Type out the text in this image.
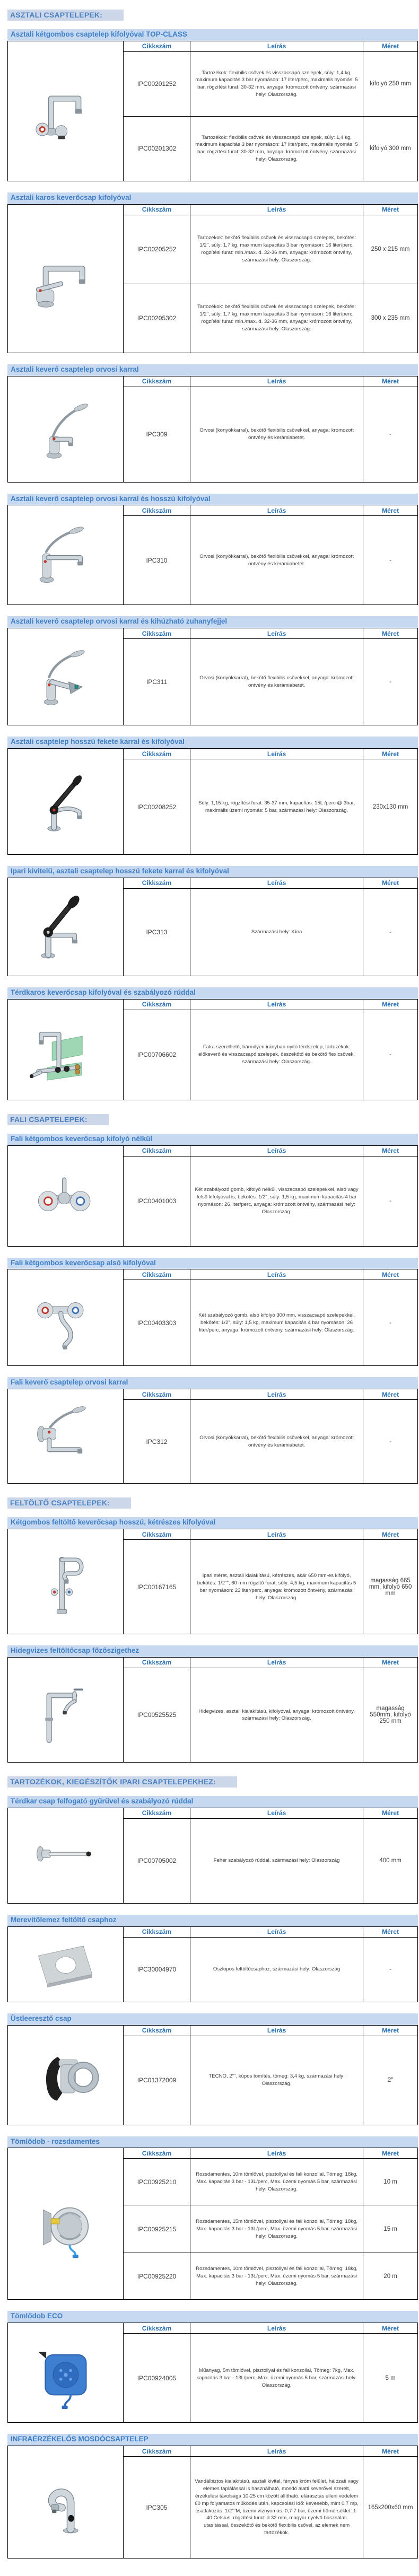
ASZTALI CSAPTELEPEK:
Asztali kétgombos csaptelep kifolyóval TOP-CLASS
	Cikkszám	Leírás	Méret
	IPC00201252	Tartozékok: flexibilis csövek és visszacsapó szelepek, súly: 1,4 kg, maximum kapacitás 3 bar nyomáson: 17 liter/perc, maximális nyomás: 5 bar, rögzítési furat: 30-32 mm, anyaga: krómozott öntvény, származási hely: Olaszország.	kifolyó 250 mm
	IPC00201302	Tartozékok: flexibilis csövek és visszacsapó szelepek, súly: 1,4 kg, maximum kapacitás 3 bar nyomáson: 17 liter/perc, maximális nyomás: 5 bar, rögzítési furat: 30-32 mm, anyaga: krómozott öntvény, származási hely: Olaszország.	kifolyó 300 mm
Asztali karos keverőcsap kifolyóval
	Cikkszám	Leírás	Méret
	IPC00205252	Tartozékok: bekötő flexibilis csövek és visszacsapó szelepek, bekötés: 1/2", súly: 1,7 kg, maximum kapacitás 3 bar nyomáson: 16 liter/perc, rögzítési furat: min./max. d. 32-36 mm, anyaga: krómozott öntvény, származási hely: Olaszország.	250 x 215 mm
	IPC00205302	Tartozékok: bekötő flexibilis csövek és visszacsapó szelepek, bekötés: 1/2", súly: 1,7 kg, maximum kapacitás 3 bar nyomáson: 16 liter/perc, rögzítési furat: min./max. d. 32-36 mm, anyaga: krómozott öntvény, származási hely: Olaszország.	300 x 235 mm
Asztali keverő csaptelep orvosi karral
	Cikkszám	Leírás	Méret
	IPC309	Orvosi (könyökkarral), bekötő flexibilis csövekkel, anyaga: krómozott öntvény és kerámiabetét.	-
Asztali keverő csaptelep orvosi karral és hosszú kifolyóval
	Cikkszám	Leírás	Méret
	IPC310	Orvosi (könyökkarral), bekötő flexibilis csövekkel, anyaga: krómozott öntvény és kerámiabetét.	-
Asztali keverő csaptelep orvosi karral és kihúzható zuhanyfejjel
	Cikkszám	Leírás	Méret
	IPC311	Orvosi (könyökkarral), bekötő flexibilis csövekkel, anyaga: krómozott öntvény és kerámiabetét.	-
Asztali csaptelep hosszú fekete karral és kifolyóval
	Cikkszám	Leírás	Méret
	IPC00208252	Súly: 1,15 kg, rögzítési furat: 35-37 mm, kapacítás: 15L /perc @ 3bar, maximális üzemi nyomás: 5 bar, származási hely: Olaszország.	230x130 mm
Ipari kivitelű, asztali csaptelep hosszú fekete karral és kifolyóval
	Cikkszám	Leírás	Méret
	IPC313	Származási hely: Kína	-
Térdkaros keverőcsap kifolyóval és szabályozó rúddal
	Cikkszám	Leírás	Méret
	IPC00706602	Falra szerelhető, bármilyen irányban nyitó térdszelep, tartozékok: előkeverő és visszacsapó szelepek, összekötő és bekötő flexicsövek, származási hely: Olaszország.	-
FALI CSAPTELEPEK:
Fali kétgombos keverőcsap kifolyó nélkül
	Cikkszám	Leírás	Méret
	IPC00401003	Két szabályozó gomb, kifolyó nélkül, visszacsapó szelepekkel, alsó vagy felső kifolyóval is, bekötés: 1/2", súly: 1,5 kg, maximum kapacitás 4 bar nyomáson: 26 liter/perc, anyaga: krómozott öntvény, származási hely: Olaszország.	-
Fali kétgombos keverőcsap alsó kifolyóval
	Cikkszám	Leírás	Méret
	IPC00403303	Két szabályozó gomb, alsó kifolyó 300 mm, visszacsapó szelepekkel, bekötés: 1/2", súly: 1,5 kg, maximum kapacitás 4 bar nyomáson: 26 liter/perc, anyaga: krómozott öntvény, származási hely: Olaszország.	-
Fali keverő csaptelep orvosi karral
	Cikkszám	Leírás	Méret
	IPC312	Orvosi (könyökkarral), bekötő flexibilis csövekkel, anyaga: krómozott öntvény és kerámiabetét.	-
FELTÖLTŐ CSAPTELEPEK:
Kétgombos feltöltő keverőcsap hosszú, kétrészes kifolyóval
	Cikkszám	Leírás	Méret
	IPC00167165	Ipari méret, asztali kialakítású, kétrészes, akár 650 mm-es kifolyó, bekötés: 1/2"", 60 mm rögzítő furat, súly: 4,5 kg, maximum kapacitás 5 bar nyomáson: 23 liter/perc, anyaga: krómozott öntvény, származási hely: Olaszország.	magasság 665 mm, kifolyó 650 mm
Hidegvizes feltöltőcsap főzőszigethez
	Cikkszám	Leírás	Méret
	IPC00525525	Hidegvizes, asztali kialakítású, kifolyóval, anyaga: krómozott öntvény, származási hely: Olaszország.	magasság 550mm, kifolyó 250 mm
TARTOZÉKOK, KIEGÉSZÍTŐK IPARI CSAPTELEPEKHEZ:
Térdkar csap felfogató gyűrűvel és szabályozó rúddal
	Cikkszám	Leírás	Méret
	IPC00705002	Fehér szabályozó rúddal, származási hely: Olaszország	400 mm
Merevítőlemez feltöltő csaphoz
	Cikkszám	Leírás	Méret
	IPC30004970	Oszlopos feltöltőcsaphoz, származási hely: Olaszország	-
Üstleeresztő csap
	Cikkszám	Leírás	Méret
	IPC01372009	TECNO, 2"", kúpos tömítés, tömeg: 3,4 kg, származási hely: Olaszország.	2"
Tömlődob - rozsdamentes
	Cikkszám	Leírás	Méret
	IPC00925210	Rozsdamentes, 10m tömlővel, pisztollyal és fali konzollal, Tömeg: 18kg, Max. kapacitás 3 bar - 13L/perc, Max. üzemi nyomás 5 bar, származási hely: Olaszország.	10 m
	IPC00925215	Rozsdamentes, 15m tömlővel, pisztollyal és fali konzollal, Tömeg: 18kg, Max. kapacitás 3 bar - 13L/perc, Max. üzemi nyomás 5 bar, származási hely: Olaszország.	15 m
	IPC00925220	Rozsdamentes, 10m tömlővel, pisztollyal és fali konzollal, Tömeg: 18kg, Max. kapacitás 3 bar - 13L/perc, Max. üzemi nyomás 5 bar, származási hely: Olaszország.	20 m
Tömlődob ECO
	Cikkszám	Leírás	Méret
	IPC00924005	Műanyag, 5m tömlővel, pisztollyal és fali konzollal, Tömeg: 7kg, Max. kapacitás 3 bar - 13L/perc, Max. üzemi nyomás 5 bar, származási hely: Olaszország.	5 m
INFRAÉRZÉKELŐS MOSDÓCSAPTELEP
	Cikkszám	Leírás	Méret
	IPC305	Vandálbiztos kialakítású, asztali kivitel, fényes króm felület, hálózati vagy elemes táplálással is használható, mosdó alatti keverővel szerelt, érzékelési távolsága 10-25 cm között állítható, elárasztás elleni védelem 60 mp folyamatos működés után, kapcsolási idő: kevesebb, mint 0,7 mp, csatlakozás: 1/2""M, üzemi víznyomás: 0,7-7 bar, üzemi hőmérséklet: 1-40 Celsius, rögzítési furat: d 32 mm, magyar nyelvű használati utasítással, összekötő és bekötő flexibilis csővel, az elemek nem tartozékok.	165x200x60 mm
